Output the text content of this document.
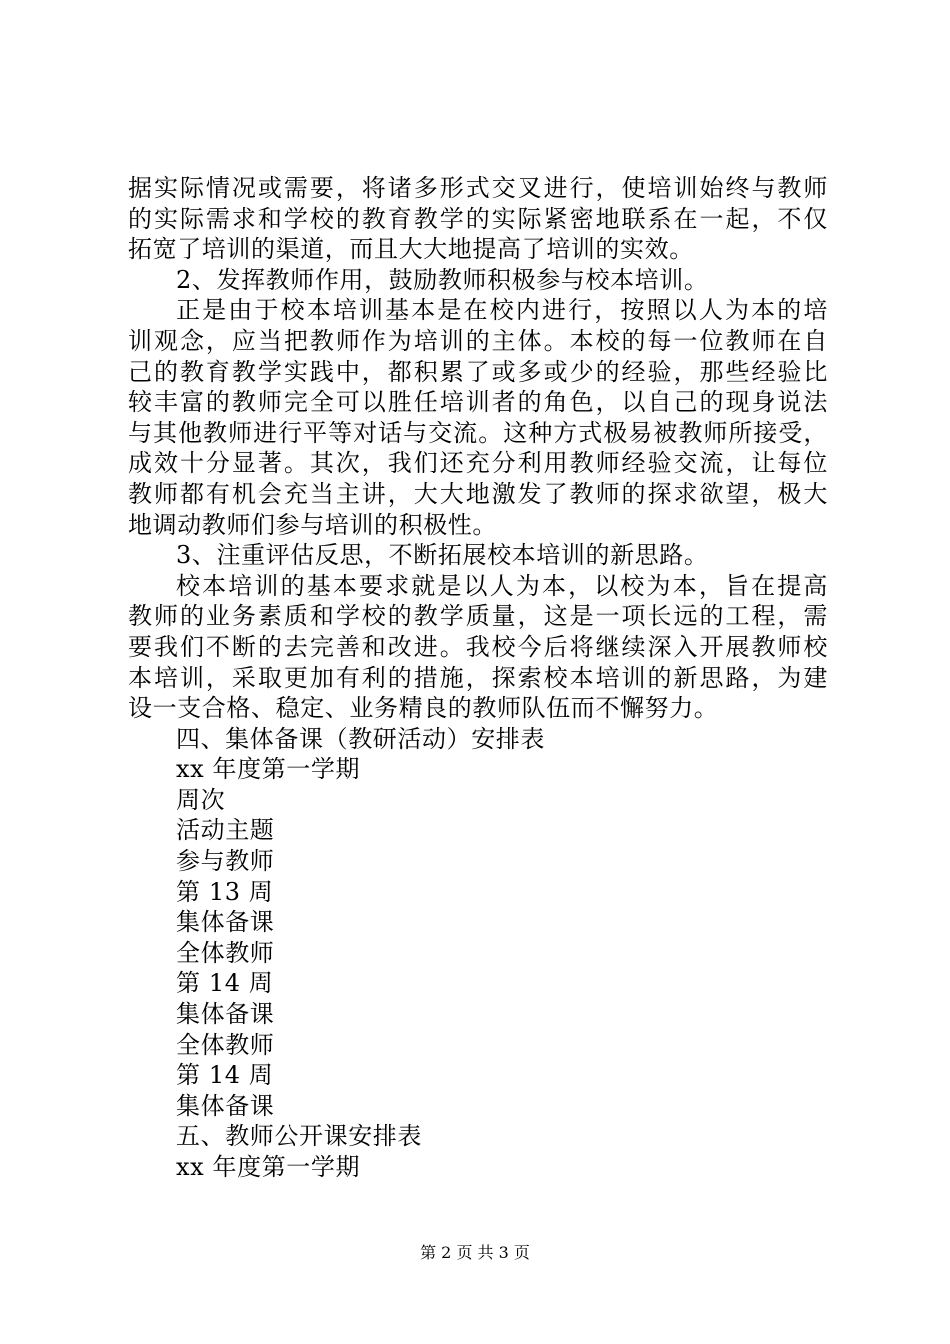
据实际情况或需要，将诸多形式交叉进行，使培训始终与教师
的实际需求和学校的教育教学的实际紧密地联系在一起，不仅
拓宽了培训的渠道，而且大大地提高了培训的实效。
2、发挥教师作用，鼓励教师积极参与校本培训。
正是由于校本培训基本是在校内进行，按照以人为本的培
训观念，应当把教师作为培训的主体。本校的每一位教师在自
己的教育教学实践中，都积累了或多或少的经验，那些经验比
较丰富的教师完全可以胜任培训者的角色，以自己的现身说法
与其他教师进行平等对话与交流。这种方式极易被教师所接受，
成效十分显著。其次，我们还充分利用教师经验交流，让每位
教师都有机会充当主讲，大大地激发了教师的探求欲望，极大
地调动教师们参与培训的积极性。
3、注重评估反思，不断拓展校本培训的新思路。
校本培训的基本要求就是以人为本，以校为本，旨在提高
教师的业务素质和学校的教学质量，这是一项长远的工程，需
要我们不断的去完善和改进。我校今后将继续深入开展教师校
本培训，采取更加有利的措施，探索校本培训的新思路，为建
设一支合格、稳定、业务精良的教师队伍而不懈努力。
四、集体备课（教研活动）安排表
xx 年度第一学期
周次
活动主题
参与教师
第 13 周
集体备课
全体教师
第 14 周
集体备课
全体教师
第 14 周
集体备课
五、教师公开课安排表
xx 年度第一学期
第 2 页 共 3 页
